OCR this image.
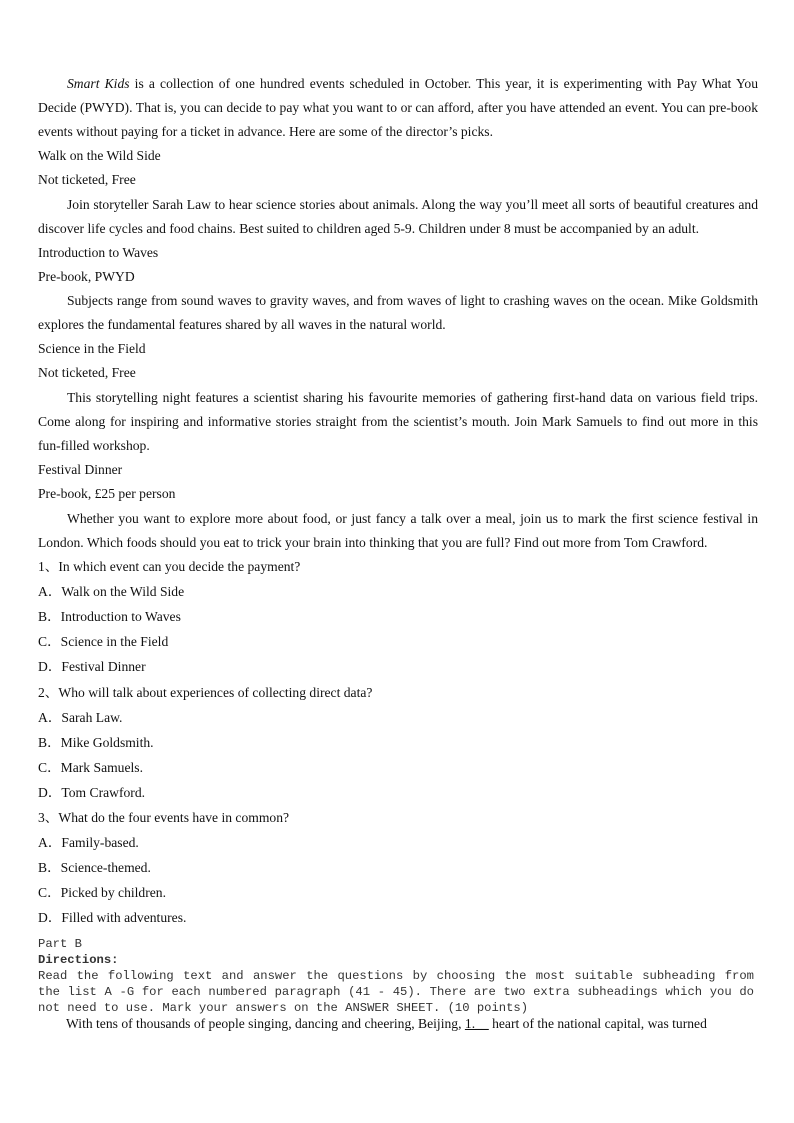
Smart Kids is a collection of one hundred events scheduled in October. This year, it is experimenting with Pay What You Decide (PWYD). That is, you can decide to pay what you want to or can afford, after you have attended an event. You can pre-book events without paying for a ticket in advance. Here are some of the director’s picks.

Walk on the Wild Side
Not ticketed, Free

Join storyteller Sarah Law to hear science stories about animals. Along the way you’ll meet all sorts of beautiful creatures and discover life cycles and food chains. Best suited to children aged 5-9. Children under 8 must be accompanied by an adult.

Introduction to Waves
Pre-book, PWYD

Subjects range from sound waves to gravity waves, and from waves of light to crashing waves on the ocean. Mike Goldsmith explores the fundamental features shared by all waves in the natural world.

Science in the Field
Not ticketed, Free

This storytelling night features a scientist sharing his favourite memories of gathering first-hand data on various field trips. Come along for inspiring and informative stories straight from the scientist’s mouth. Join Mark Samuels to find out more in this fun-filled workshop.

Festival Dinner
Pre-book, £25 per person

Whether you want to explore more about food, or just fancy a talk over a meal, join us to mark the first science festival in London. Which foods should you eat to trick your brain into thinking that you are full? Find out more from Tom Crawford.

1、In which event can you decide the payment?
A．Walk on the Wild Side
B．Introduction to Waves
C．Science in the Field
D．Festival Dinner
2、Who will talk about experiences of collecting direct data?
A．Sarah Law.
B．Mike Goldsmith.
C．Mark Samuels.
D．Tom Crawford.
3、What do the four events have in common?
A．Family-based.
B．Science-themed.
C．Picked by children.
D．Filled with adventures.
Part B
Directions:

Read the following text and answer the questions by choosing the most suitable subheading from the list A -G for each numbered paragraph (41 - 45). There are two extra subheadings which you do not need to use. Mark your answers on the ANSWER SHEET. (10 points)

With tens of thousands of people singing, dancing and cheering, Beijing, 1.__ heart of the national capital, was turned
